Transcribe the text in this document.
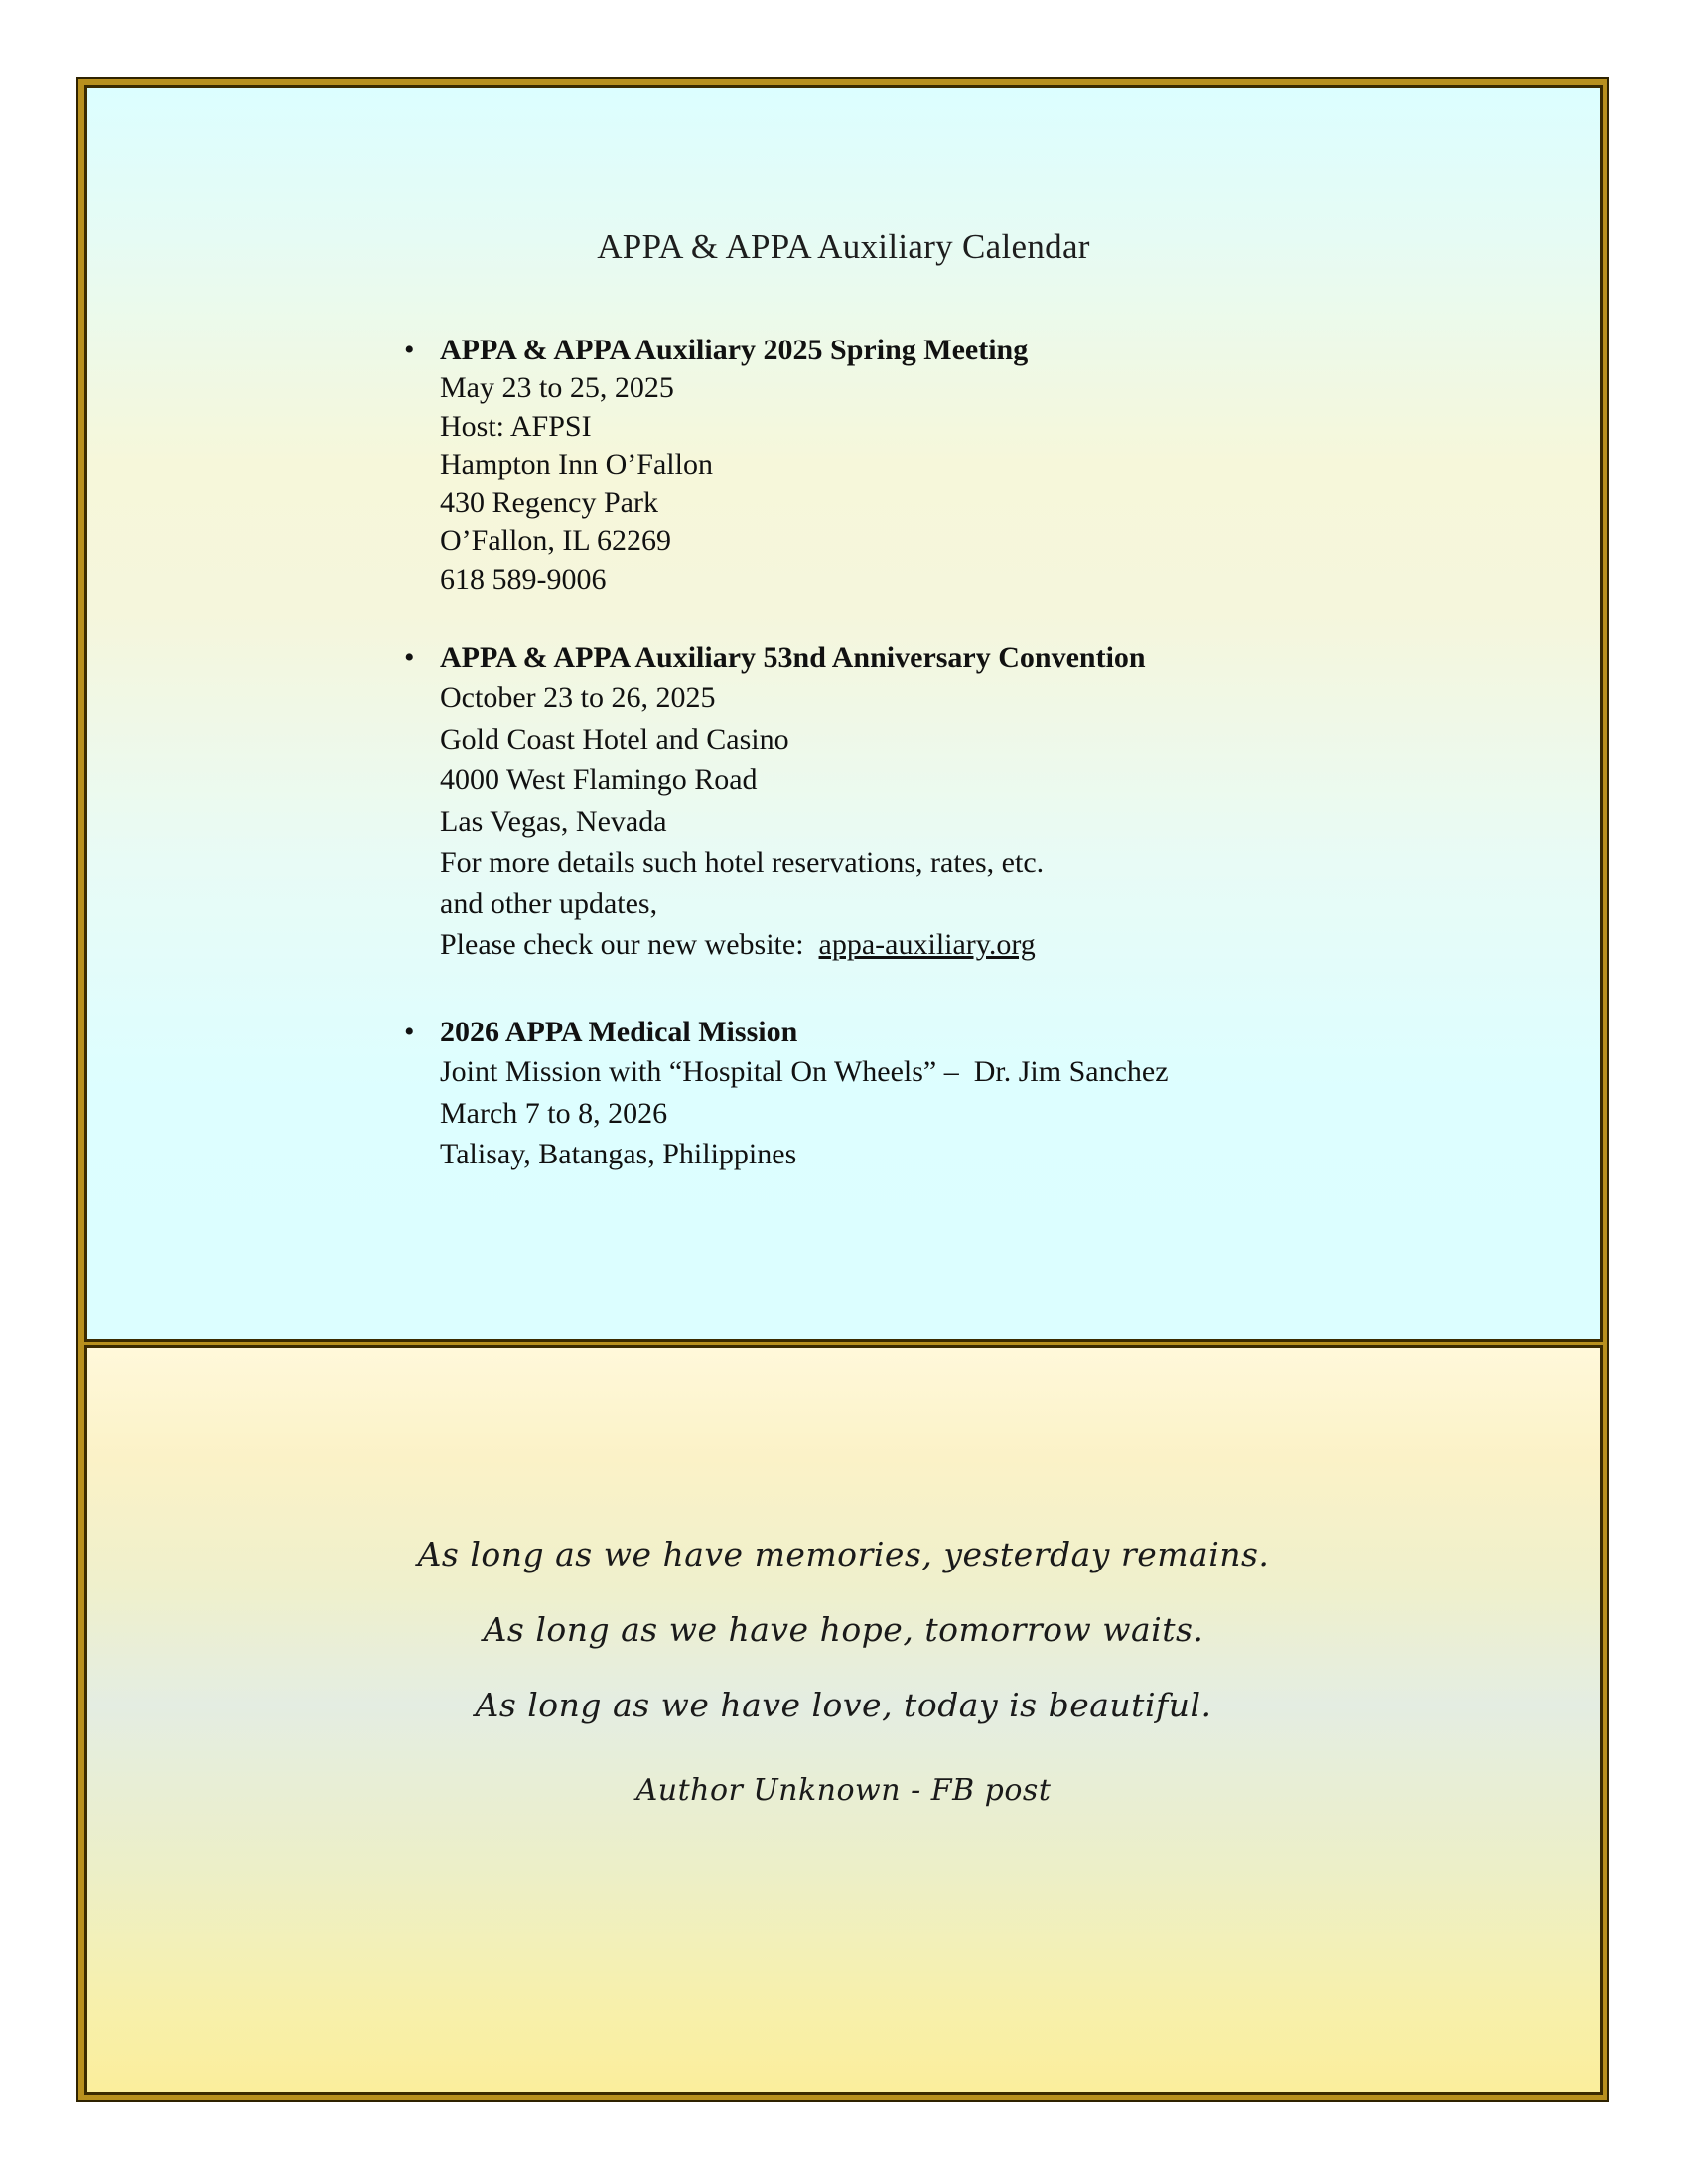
APPA & APPA Auxiliary Calendar
• APPA & APPA Auxiliary 2025 Spring Meeting
May 23 to 25, 2025
Host: AFPSI
Hampton Inn O’Fallon
430 Regency Park
O’Fallon, IL 62269
618 589-9006
• APPA & APPA Auxiliary 53nd Anniversary Convention
October 23 to 26, 2025
Gold Coast Hotel and Casino
4000 West Flamingo Road
Las Vegas, Nevada
For more details such hotel reservations, rates, etc.
and other updates,
Please check our new website:  appa-auxiliary.org
• 2026 APPA Medical Mission
Joint Mission with “Hospital On Wheels” –  Dr. Jim Sanchez
March 7 to 8, 2026
Talisay, Batangas, Philippines
As long as we have memories, yesterday remains.
As long as we have hope, tomorrow waits.
As long as we have love, today is beautiful.
Author Unknown - FB post
